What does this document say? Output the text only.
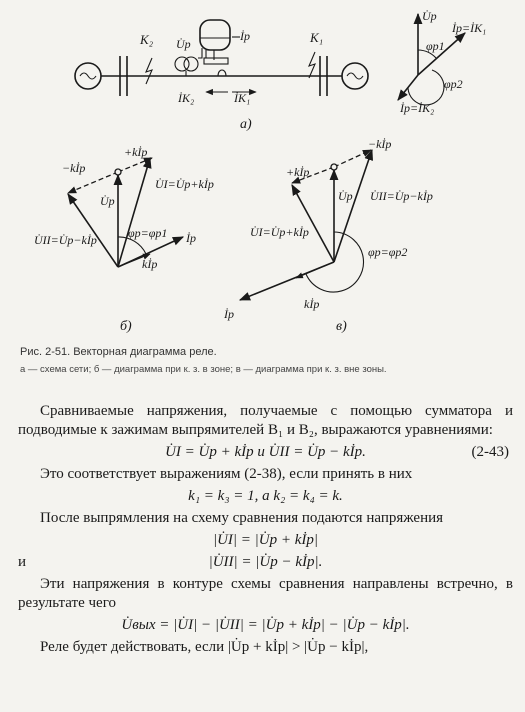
K₂	K₁
U̇р
İр
İК₂	İК₁
а)
U̇р
İр=İК₁
φр1
φр2
İр=İК₂
+kİр
−kİр
U̇р
U̇I=U̇р+kİр
U̇II=U̇р−kİр	φр=φр1 İр
kİр
б)
−kİр
+kİр
U̇р U̇II=U̇р−kİр
U̇I=U̇р+kİр
φр=φр2
İр
kİр
в)
Рис. 2-51. Векторная диаграмма реле.
а — схема сети; б — диаграмма при к. з. в зоне; в — диаграмма при к. з. вне зоны.

Сравниваемые напряжения, получаемые с помощью сумматора и подводимые к зажимам выпрямителей B₁ и B₂, выражаются уравнениями:

U̇I = U̇р + kİр и U̇II = U̇р − kİр.	(2-43)

Это соответствует выражениям (2-38), если принять в них

k₁ = k₃ = 1, а k₂ = k₄ = k.

После выпрямления на схему сравнения подаются напряжения

|U̇I| = |U̇р + kİр|
и	|U̇II| = |U̇р − kİр|.

Эти напряжения в контуре схемы сравнения направлены встречно, в результате чего

U̇вых = |U̇I| − |U̇II| = |U̇р + kİр| − |U̇р − kİр|.

Реле будет действовать, если |U̇р + kİр| > |U̇р − kİр|,
